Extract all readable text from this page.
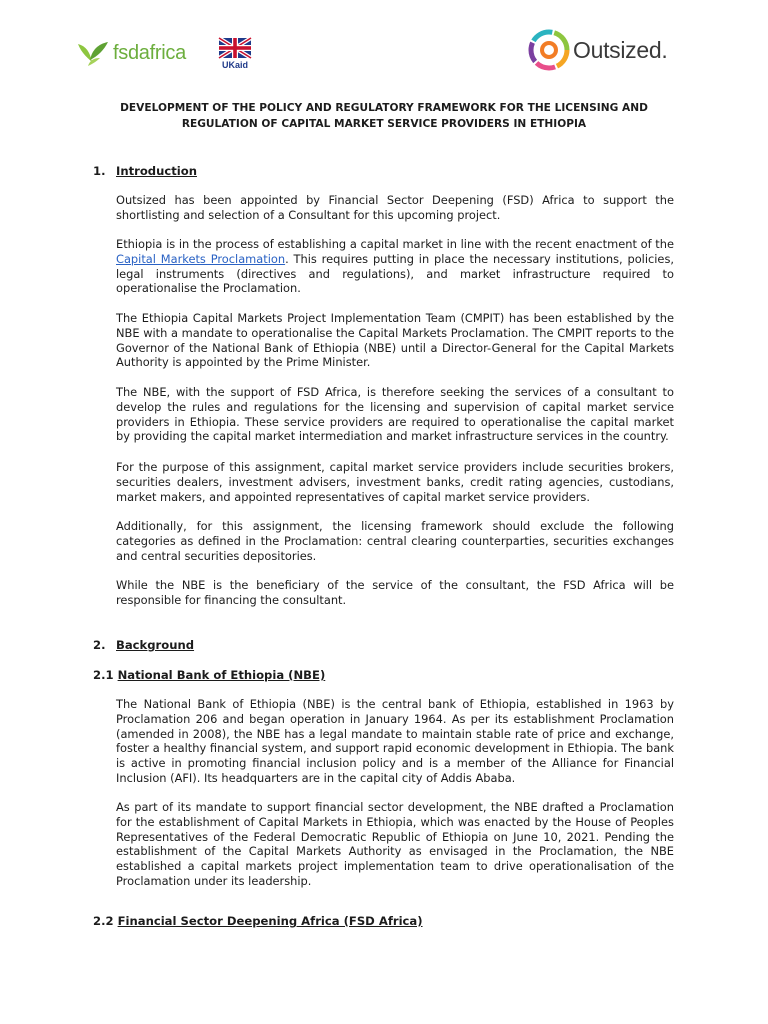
fsdafrica
UKaid
Outsized.
DEVELOPMENT OF THE POLICY AND REGULATORY FRAMEWORK FOR THE LICENSING AND
REGULATION OF CAPITAL MARKET SERVICE PROVIDERS IN ETHIOPIA
1. Introduction
Outsized has been appointed by Financial Sector Deepening (FSD) Africa to support the shortlisting and selection of a Consultant for this upcoming project.
Ethiopia is in the process of establishing a capital market in line with the recent enactment of the Capital Markets Proclamation. This requires putting in place the necessary institutions, policies, legal instruments (directives and regulations), and market infrastructure required to operationalise the Proclamation.
The Ethiopia Capital Markets Project Implementation Team (CMPIT) has been established by the NBE with a mandate to operationalise the Capital Markets Proclamation. The CMPIT reports to the Governor of the National Bank of Ethiopia (NBE) until a Director-General for the Capital Markets Authority is appointed by the Prime Minister.
The NBE, with the support of FSD Africa, is therefore seeking the services of a consultant to develop the rules and regulations for the licensing and supervision of capital market service providers in Ethiopia. These service providers are required to operationalise the capital market by providing the capital market intermediation and market infrastructure services in the country.
For the purpose of this assignment, capital market service providers include securities brokers, securities dealers, investment advisers, investment banks, credit rating agencies, custodians, market makers, and appointed representatives of capital market service providers.
Additionally, for this assignment, the licensing framework should exclude the following categories as defined in the Proclamation: central clearing counterparties, securities exchanges and central securities depositories.
While the NBE is the beneficiary of the service of the consultant, the FSD Africa will be responsible for financing the consultant.
2. Background
2.1 National Bank of Ethiopia (NBE)
The National Bank of Ethiopia (NBE) is the central bank of Ethiopia, established in 1963 by Proclamation 206 and began operation in January 1964. As per its establishment Proclamation (amended in 2008), the NBE has a legal mandate to maintain stable rate of price and exchange, foster a healthy financial system, and support rapid economic development in Ethiopia. The bank is active in promoting financial inclusion policy and is a member of the Alliance for Financial Inclusion (AFI). Its headquarters are in the capital city of Addis Ababa.
As part of its mandate to support financial sector development, the NBE drafted a Proclamation for the establishment of Capital Markets in Ethiopia, which was enacted by the House of Peoples Representatives of the Federal Democratic Republic of Ethiopia on June 10, 2021. Pending the establishment of the Capital Markets Authority as envisaged in the Proclamation, the NBE established a capital markets project implementation team to drive operationalisation of the Proclamation under its leadership.
2.2 Financial Sector Deepening Africa (FSD Africa)
